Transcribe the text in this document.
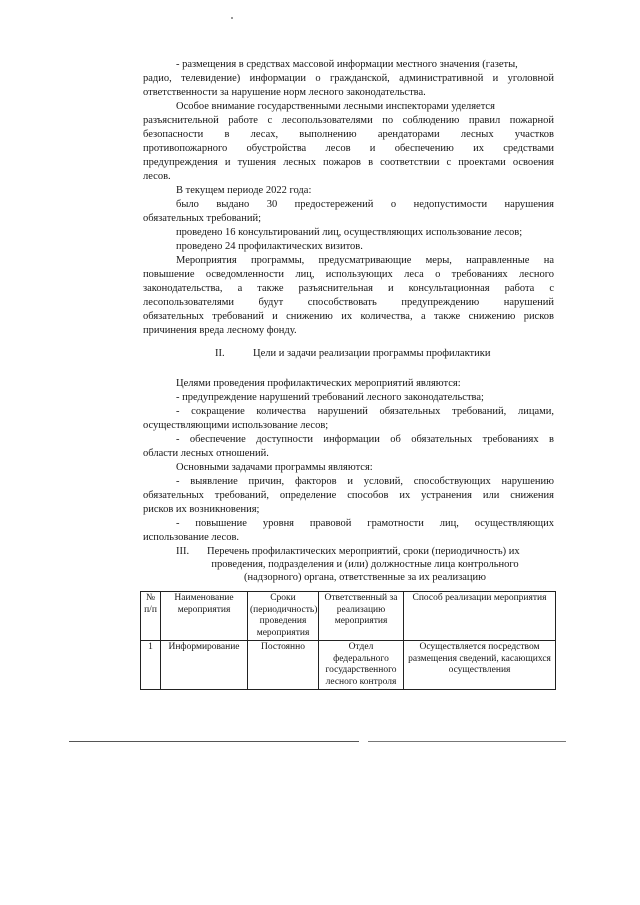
- размещения в средствах массовой информации местного значения (газеты,
радио, телевидение) информации о гражданской, административной и уголовной
ответственности за нарушение норм лесного законодательства.
Особое внимание государственными лесными инспекторами уделяется
разъяснительной работе с лесопользователями по соблюдению правил пожарной
безопасности в лесах, выполнению арендаторами лесных участков
противопожарного обустройства лесов и обеспечению их средствами
предупреждения и тушения лесных пожаров в соответствии с проектами освоения
лесов.
В текущем периоде 2022 года:
было выдано 30 предостережений о недопустимости нарушения
обязательных требований;
проведено 16 консультирований лиц, осуществляющих использование лесов;
проведено 24 профилактических визитов.
Мероприятия программы, предусматривающие меры, направленные на
повышение осведомленности лиц, использующих леса о требованиях лесного
законодательства, а также разъяснительная и консультационная работа с
лесопользователями будут способствовать предупреждению нарушений
обязательных требований и снижению их количества, а также снижению рисков
причинения вреда лесному фонду.
II.	Цели и задачи реализации программы профилактики
Целями проведения профилактических мероприятий являются:
- предупреждение нарушений требований лесного законодательства;
- сокращение количества нарушений обязательных требований, лицами,
осуществляющими использование лесов;
- обеспечение доступности информации об обязательных требованиях в
области лесных отношений.
Основными задачами программы являются:
- выявление причин, факторов и условий, способствующих нарушению
обязательных требований, определение способов их устранения или снижения
рисков их возникновения;
- повышение уровня правовой грамотности лиц, осуществляющих
использование лесов.
III. Перечень профилактических мероприятий, сроки (периодичность) их
проведения, подразделения и (или) должностные лица контрольного
(надзорного) органа, ответственные за их реализацию
№ п/п	Наименование мероприятия	Сроки (периодичность) проведения мероприятия	Ответственный за реализацию мероприятия	Способ реализации мероприятия
1	Информирование	Постоянно	Отдел федерального государственного лесного контроля	Осуществляется посредством размещения сведений, касающихся осуществления
